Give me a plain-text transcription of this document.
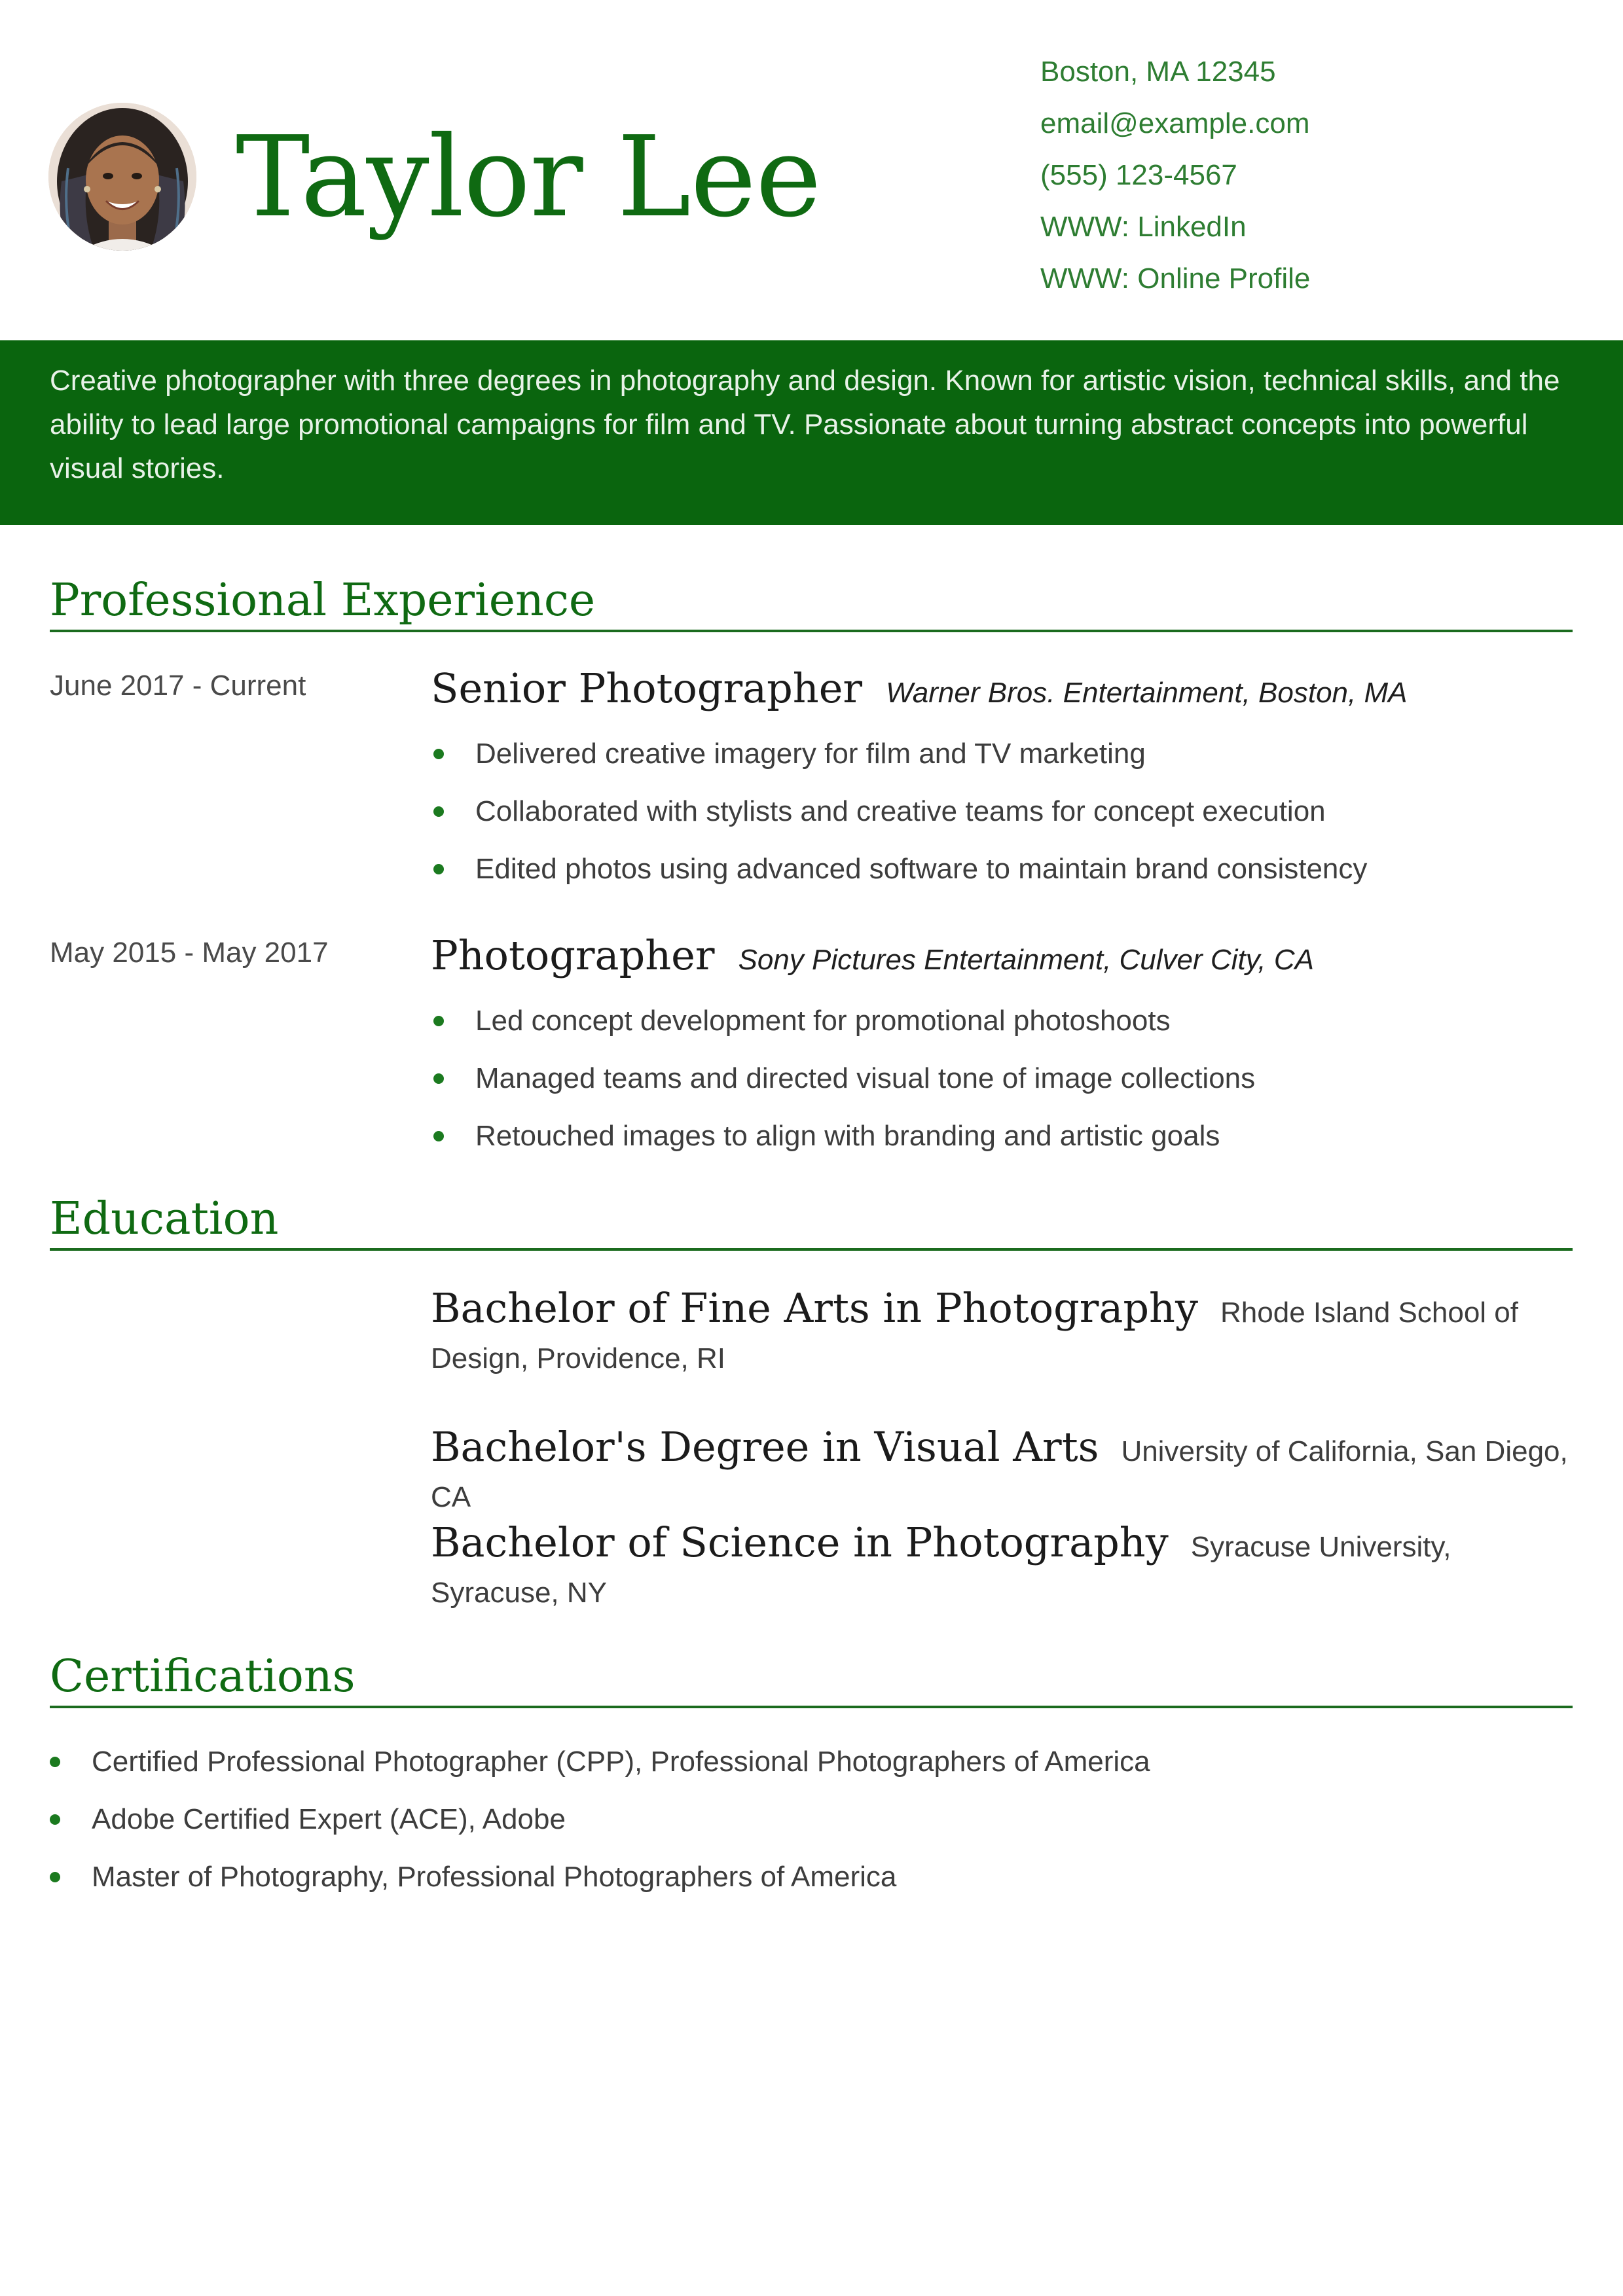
Taylor Lee
Boston, MA 12345
email@example.com
(555) 123-4567
WWW: LinkedIn
WWW: Online Profile

Creative photographer with three degrees in photography and design. Known for artistic vision, technical skills, and the ability to lead large promotional campaigns for film and TV. Passionate about turning abstract concepts into powerful visual stories.

Professional Experience
June 2017 - Current	Senior Photographer Warner Bros. Entertainment, Boston, MA
Delivered creative imagery for film and TV marketing
Collaborated with stylists and creative teams for concept execution
Edited photos using advanced software to maintain brand consistency
May 2015 - May 2017	Photographer Sony Pictures Entertainment, Culver City, CA
Led concept development for promotional photoshoots
Managed teams and directed visual tone of image collections
Retouched images to align with branding and artistic goals
Education
Bachelor of Fine Arts in Photography Rhode Island School of Design, Providence, RI
Bachelor's Degree in Visual Arts University of California, San Diego, CA
Bachelor of Science in Photography Syracuse University, Syracuse, NY
Certifications
Certified Professional Photographer (CPP), Professional Photographers of America
Adobe Certified Expert (ACE), Adobe
Master of Photography, Professional Photographers of America
